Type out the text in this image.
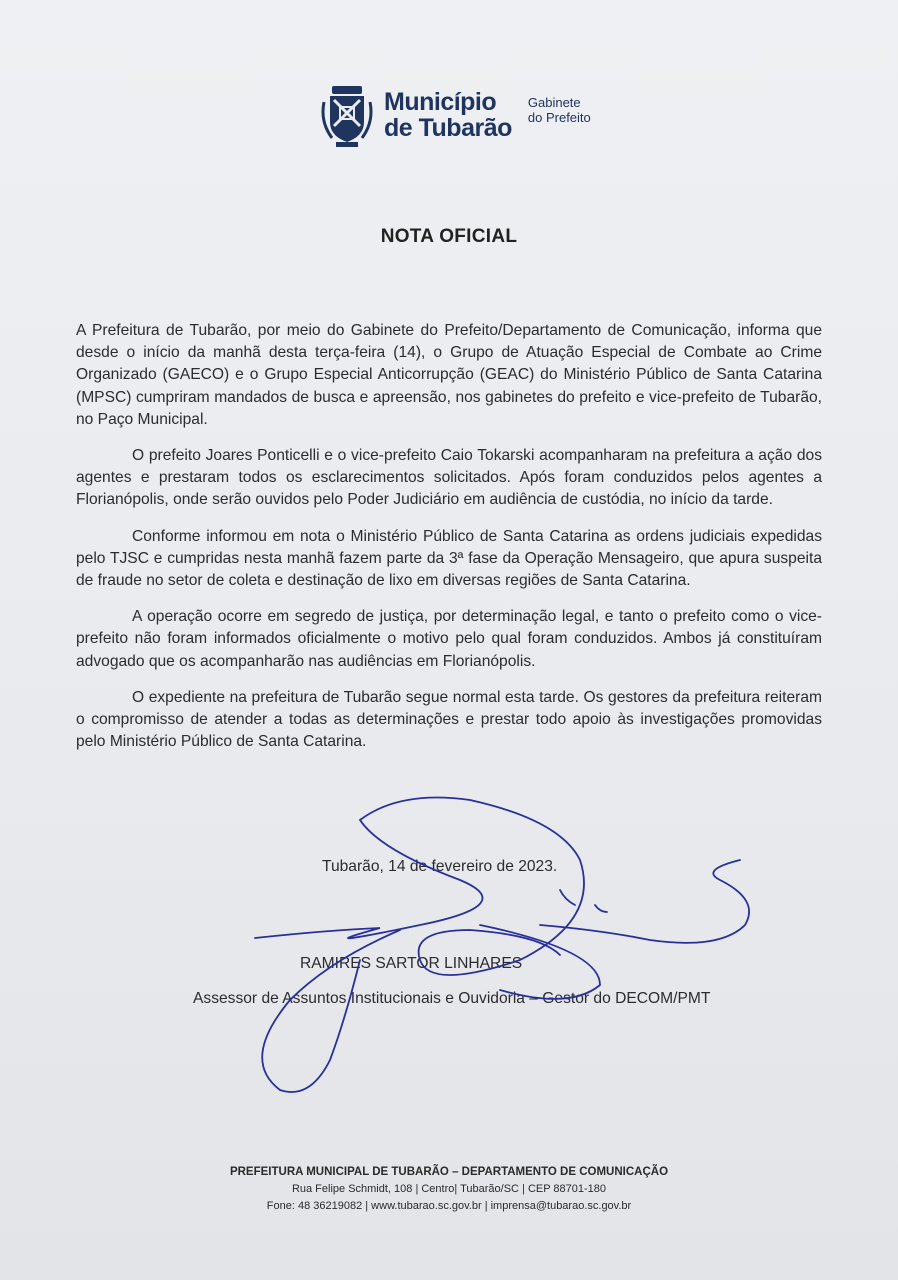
Município
de Tubarão
Gabinete
do Prefeito
NOTA OFICIAL

A Prefeitura de Tubarão, por meio do Gabinete do Prefeito/Departamento de Comunicação, informa que desde o início da manhã desta terça-feira (14), o Grupo de Atuação Especial de Combate ao Crime Organizado (GAECO) e o Grupo Especial Anticorrupção (GEAC) do Ministério Público de Santa Catarina (MPSC) cumpriram mandados de busca e apreensão, nos gabinetes do prefeito e vice-prefeito de Tubarão, no Paço Municipal.

O prefeito Joares Ponticelli e o vice-prefeito Caio Tokarski acompanharam na prefeitura a ação dos agentes e prestaram todos os esclarecimentos solicitados. Após foram conduzidos pelos agentes a Florianópolis, onde serão ouvidos pelo Poder Judiciário em audiência de custódia, no início da tarde.

Conforme informou em nota o Ministério Público de Santa Catarina as ordens judiciais expedidas pelo TJSC e cumpridas nesta manhã fazem parte da 3ª fase da Operação Mensageiro, que apura suspeita de fraude no setor de coleta e destinação de lixo em diversas regiões de Santa Catarina.

A operação ocorre em segredo de justiça, por determinação legal, e tanto o prefeito como o vice-prefeito não foram informados oficialmente o motivo pelo qual foram conduzidos. Ambos já constituíram advogado que os acompanharão nas audiências em Florianópolis.

O expediente na prefeitura de Tubarão segue normal esta tarde. Os gestores da prefeitura reiteram o compromisso de atender a todas as determinações e prestar todo apoio às investigações promovidas pelo Ministério Público de Santa Catarina.

Tubarão, 14 de fevereiro de 2023.
RAMIRES SARTOR LINHARES
Assessor de Assuntos Institucionais e Ouvidoria – Gestor do DECOM/PMT
PREFEITURA MUNICIPAL DE TUBARÃO – DEPARTAMENTO DE COMUNICAÇÃO
Rua Felipe Schmidt, 108 | Centro| Tubarão/SC | CEP 88701-180
Fone: 48 36219082 | www.tubarao.sc.gov.br | imprensa@tubarao.sc.gov.br
